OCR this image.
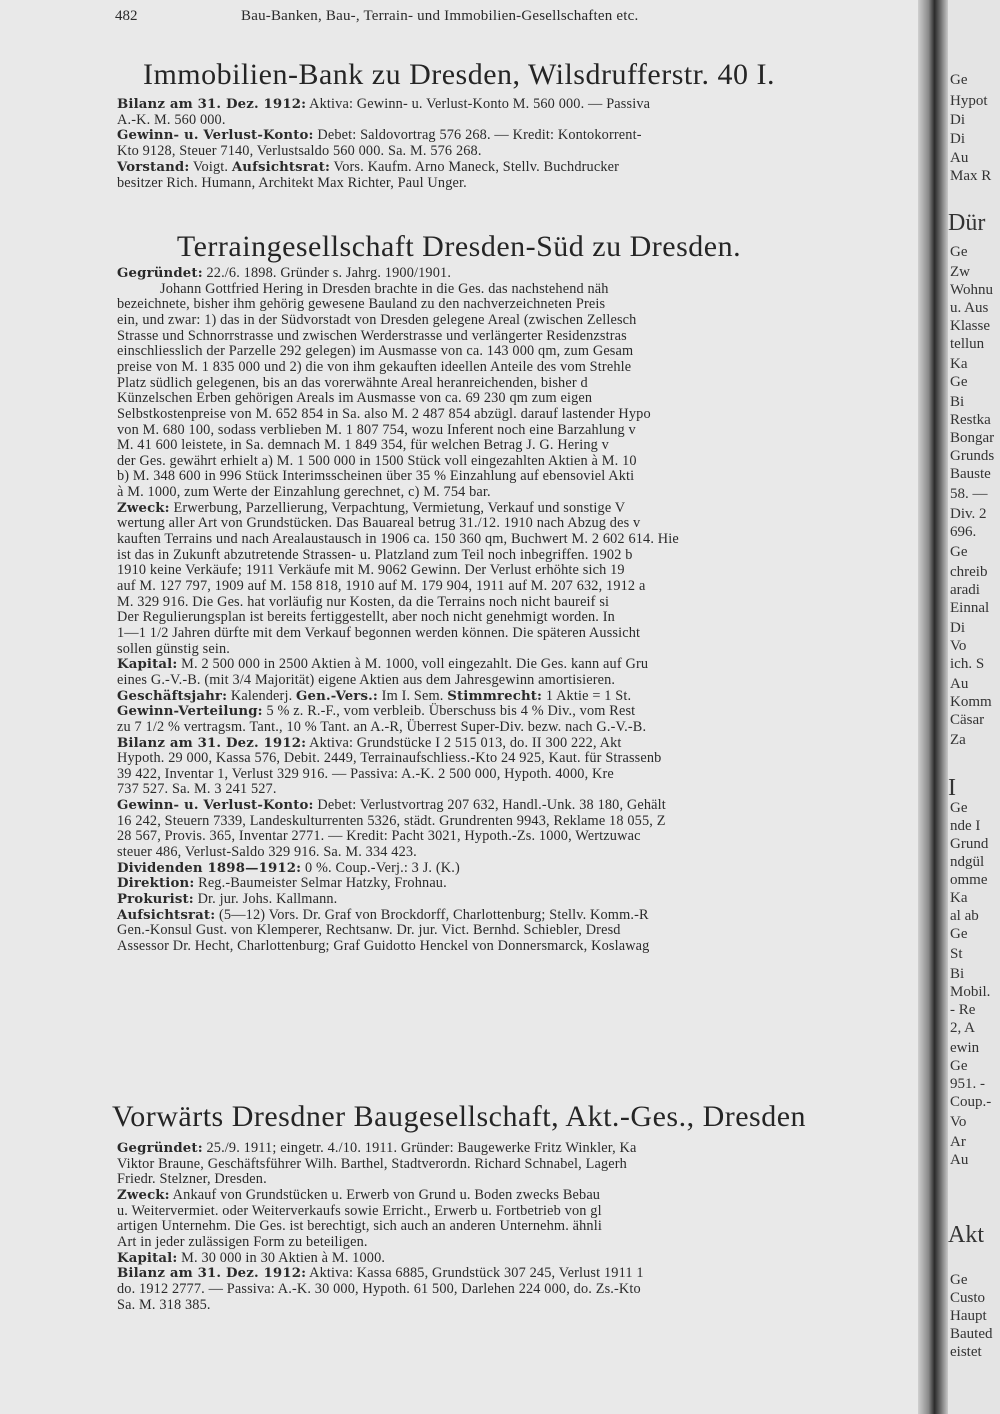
482	Bau-Banken, Bau-, Terrain- und Immobilien-Gesellschaften etc.
Immobilien-Bank zu Dresden, Wilsdrufferstr. 40 I.
Bilanz am 31. Dez. 1912: Aktiva: Gewinn- u. Verlust-Konto M. 560 000. — Passiva
A.-K. M. 560 000.
Gewinn- u. Verlust-Konto: Debet: Saldovortrag 576 268. — Kredit: Kontokorrent-
Kto 9128, Steuer 7140, Verlustsaldo 560 000. Sa. M. 576 268.
Vorstand: Voigt. Aufsichtsrat: Vors. Kaufm. Arno Maneck, Stellv. Buchdrucker
besitzer Rich. Humann, Architekt Max Richter, Paul Unger.
Terraingesellschaft Dresden-Süd zu Dresden.
Gegründet: 22./6. 1898. Gründer s. Jahrg. 1900/1901.
Johann Gottfried Hering in Dresden brachte in die Ges. das nachstehend näh
bezeichnete, bisher ihm gehörig gewesene Bauland zu den nachverzeichneten Preis
ein, und zwar: 1) das in der Südvorstadt von Dresden gelegene Areal (zwischen Zellesch
Strasse und Schnorrstrasse und zwischen Werderstrasse und verlängerter Residenzstras
einschliesslich der Parzelle 292 gelegen) im Ausmasse von ca. 143 000 qm, zum Gesam
preise von M. 1 835 000 und 2) die von ihm gekauften ideellen Anteile des vom Strehle
Platz südlich gelegenen, bis an das vorerwähnte Areal heranreichenden, bisher d
Künzelschen Erben gehörigen Areals im Ausmasse von ca. 69 230 qm zum eigen
Selbstkostenpreise von M. 652 854 in Sa. also M. 2 487 854 abzügl. darauf lastender Hypo
von M. 680 100, sodass verblieben M. 1 807 754, wozu Inferent noch eine Barzahlung v
M. 41 600 leistete, in Sa. demnach M. 1 849 354, für welchen Betrag J. G. Hering v
der Ges. gewährt erhielt a) M. 1 500 000 in 1500 Stück voll eingezahlten Aktien à M. 10
b) M. 348 600 in 996 Stück Interimsscheinen über 35 % Einzahlung auf ebensoviel Akti
à M. 1000, zum Werte der Einzahlung gerechnet, c) M. 754 bar.
Zweck: Erwerbung, Parzellierung, Verpachtung, Vermietung, Verkauf und sonstige V
wertung aller Art von Grundstücken. Das Bauareal betrug 31./12. 1910 nach Abzug des v
kauften Terrains und nach Arealaustausch in 1906 ca. 150 360 qm, Buchwert M. 2 602 614. Hie
ist das in Zukunft abzutretende Strassen- u. Platzland zum Teil noch inbegriffen. 1902 b
1910 keine Verkäufe; 1911 Verkäufe mit M. 9062 Gewinn. Der Verlust erhöhte sich 19
auf M. 127 797, 1909 auf M. 158 818, 1910 auf M. 179 904, 1911 auf M. 207 632, 1912 a
M. 329 916. Die Ges. hat vorläufig nur Kosten, da die Terrains noch nicht baureif si
Der Regulierungsplan ist bereits fertiggestellt, aber noch nicht genehmigt worden. In
1—1 1/2 Jahren dürfte mit dem Verkauf begonnen werden können. Die späteren Aussicht
sollen günstig sein.
Kapital: M. 2 500 000 in 2500 Aktien à M. 1000, voll eingezahlt. Die Ges. kann auf Gru
eines G.-V.-B. (mit 3/4 Majorität) eigene Aktien aus dem Jahresgewinn amortisieren.
Geschäftsjahr: Kalenderj. Gen.-Vers.: Im I. Sem. Stimmrecht: 1 Aktie = 1 St.
Gewinn-Verteilung: 5 % z. R.-F., vom verbleib. Überschuss bis 4 % Div., vom Rest
zu 7 1/2 % vertragsm. Tant., 10 % Tant. an A.-R, Überrest Super-Div. bezw. nach G.-V.-B.
Bilanz am 31. Dez. 1912: Aktiva: Grundstücke I 2 515 013, do. II 300 222, Akt
Hypoth. 29 000, Kassa 576, Debit. 2449, Terrainaufschliess.-Kto 24 925, Kaut. für Strassenb
39 422, Inventar 1, Verlust 329 916. — Passiva: A.-K. 2 500 000, Hypoth. 4000, Kre
737 527. Sa. M. 3 241 527.
Gewinn- u. Verlust-Konto: Debet: Verlustvortrag 207 632, Handl.-Unk. 38 180, Gehält
16 242, Steuern 7339, Landeskulturrenten 5326, städt. Grundrenten 9943, Reklame 18 055, Z
28 567, Provis. 365, Inventar 2771. — Kredit: Pacht 3021, Hypoth.-Zs. 1000, Wertzuwac
steuer 486, Verlust-Saldo 329 916. Sa. M. 334 423.
Dividenden 1898—1912: 0 %. Coup.-Verj.: 3 J. (K.)
Direktion: Reg.-Baumeister Selmar Hatzky, Frohnau.
Prokurist: Dr. jur. Johs. Kallmann.
Aufsichtsrat: (5—12) Vors. Dr. Graf von Brockdorff, Charlottenburg; Stellv. Komm.-R
Gen.-Konsul Gust. von Klemperer, Rechtsanw. Dr. jur. Vict. Bernhd. Schiebler, Dresd
Assessor Dr. Hecht, Charlottenburg; Graf Guidotto Henckel von Donnersmarck, Koslawag
Vorwärts Dresdner Baugesellschaft, Akt.-Ges., Dresden
Gegründet: 25./9. 1911; eingetr. 4./10. 1911. Gründer: Baugewerke Fritz Winkler, Ka
Viktor Braune, Geschäftsführer Wilh. Barthel, Stadtverordn. Richard Schnabel, Lagerh
Friedr. Stelzner, Dresden.
Zweck: Ankauf von Grundstücken u. Erwerb von Grund u. Boden zwecks Bebau
u. Weitervermiet. oder Weiterverkaufs sowie Erricht., Erwerb u. Fortbetrieb von gl
artigen Unternehm. Die Ges. ist berechtigt, sich auch an anderen Unternehm. ähnli
Art in jeder zulässigen Form zu beteiligen.
Kapital: M. 30 000 in 30 Aktien à M. 1000.
Bilanz am 31. Dez. 1912: Aktiva: Kassa 6885, Grundstück 307 245, Verlust 1911 1
do. 1912 2777. — Passiva: A.-K. 30 000, Hypoth. 61 500, Darlehen 224 000, do. Zs.-Kto
Sa. M. 318 385.
Ge
Hypot
Di
Di
Au
Max R
Dür
Ge
Zw
Wohnu
u. Aus
Klasse
tellun
Ka
Ge
Bi
Restka
Bongar
Grunds
Bauste
58. —
Div. 2
696.
Ge
chreib
aradi
Einnal
Di
Vo
ich. S
Au
Komm
Cäsar
Za
I
Ge
nde I
Grund
ndgül
omme
Ka
al ab
Ge
St
Bi
Mobil.
- Re
2, A
ewin
Ge
951. -
Coup.-
Vo
Ar
Au
Akt
Ge
Custo
Haupt
Bauted
eistet
